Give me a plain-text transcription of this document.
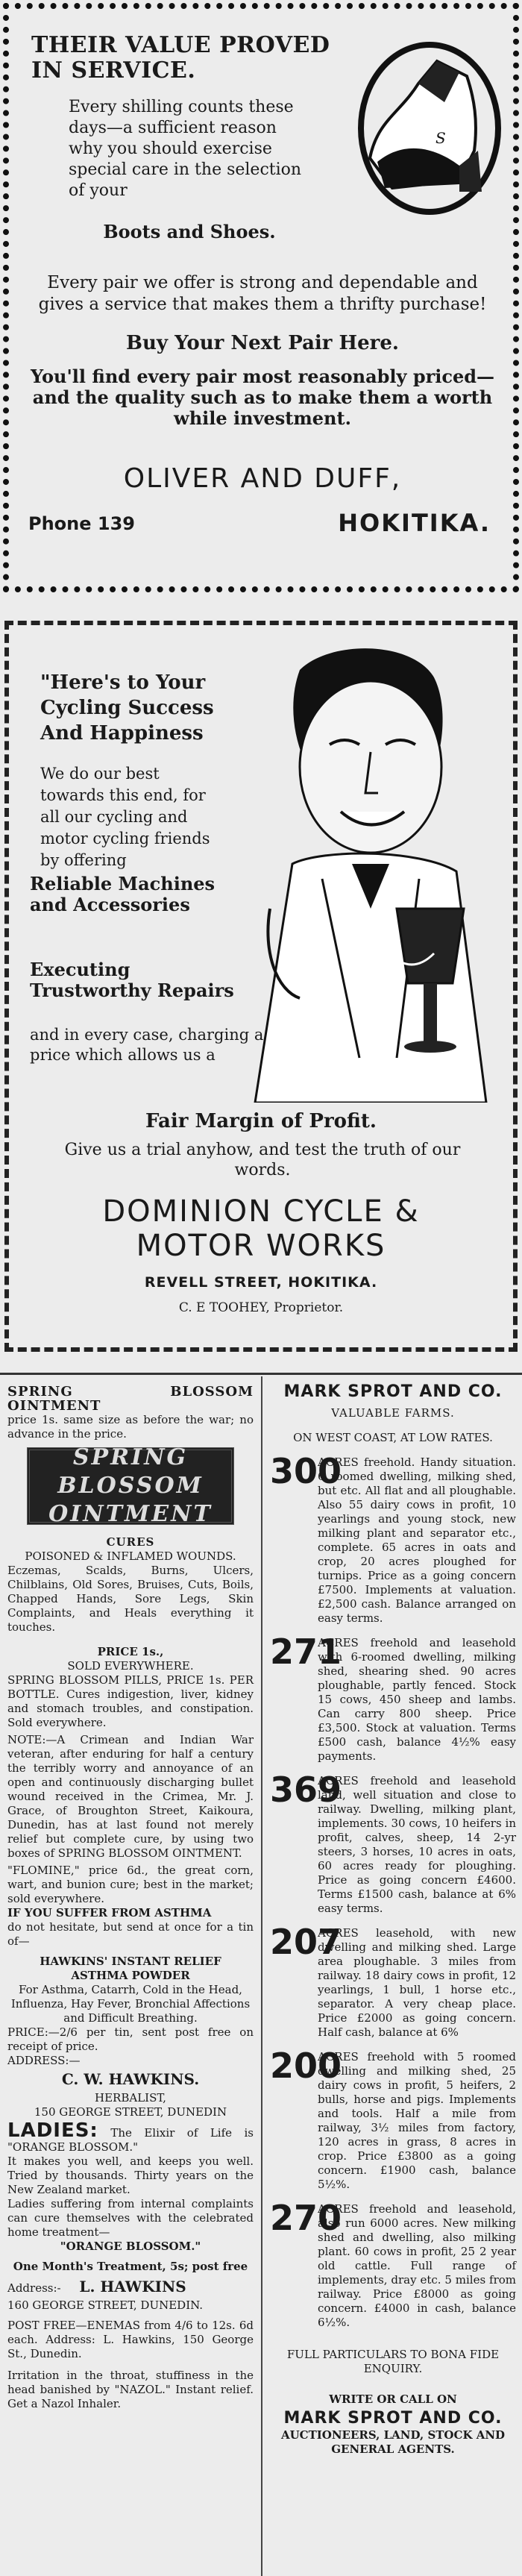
THEIR VALUE PROVED IN SERVICE.
Every shilling counts these days—a sufficient reason why you should exercise special care in the selection of your
Boots and Shoes.
Every pair we offer is strong and dependable and gives a service that makes them a thrifty purchase!
Buy Your Next Pair Here.
You'll find every pair most reasonably priced—and the quality such as to make them a worth while investment.
OLIVER AND DUFF,
Phone 139	HOKITIKA.
S
"Here's to Your Cycling Success And Happiness
We do our best towards this end, for all our cycling and motor cycling friends by offering
Reliable Machines and Accessories
Executing Trustworthy Repairs
and in every case, charging a price which allows us a
Fair Margin of Profit.
Give us a trial anyhow, and test the truth of our words.
DOMINION CYCLE & MOTOR WORKS
REVELL STREET, HOKITIKA.
C. E TOOHEY, Proprietor.

SPRING BLOSSOM OINTMENT

price 1s. same size as before the war; no advance in the price.

SPRING BLOSSOM OINTMENT

CURES

POISONED & INFLAMED WOUNDS.

Eczemas, Scalds, Burns, Ulcers, Chilblains, Old Sores, Bruises, Cuts, Boils, Chapped Hands, Sore Legs, Skin Complaints, and Heals everything it touches.

PRICE 1s.,

SOLD EVERYWHERE.

SPRING BLOSSOM PILLS, PRICE 1s. PER BOTTLE. Cures indigestion, liver, kidney and stomach troubles, and constipation. Sold everywhere.

NOTE:—A Crimean and Indian War veteran, after enduring for half a century the terribly worry and annoyance of an open and continuously discharging bullet wound received in the Crimea, Mr. J. Grace, of Broughton Street, Kaikoura, Dunedin, has at last found not merely relief but complete cure, by using two boxes of SPRING BLOSSOM OINTMENT.

"FLOMINE," price 6d., the great corn, wart, and bunion cure; best in the market; sold everywhere.

IF YOU SUFFER FROM ASTHMA

do not hesitate, but send at once for a tin of—

HAWKINS' INSTANT RELIEF

ASTHMA POWDER

For Asthma, Catarrh, Cold in the Head, Influenza, Hay Fever, Bronchial Affections and Difficult Breathing.

PRICE:—2/6 per tin, sent post free on receipt of price.

ADDRESS:—

C. W. HAWKINS.

HERBALIST,

150 GEORGE STREET, DUNEDIN

LADIES: The Elixir of Life is "ORANGE BLOSSOM."

It makes you well, and keeps you well. Tried by thousands. Thirty years on the New Zealand market.

Ladies suffering from internal complaints can cure themselves with the celebrated home treatment—

"ORANGE BLOSSOM."

One Month's Treatment, 5s; post free

Address:- L. HAWKINS

160 GEORGE STREET, DUNEDIN.

POST FREE—ENEMAS from 4/6 to 12s. 6d each. Address: L. Hawkins, 150 George St., Dunedin.

Irritation in the throat, stuffiness in the head banished by "NAZOL." Instant relief. Get a Nazol Inhaler.

MARK SPROT AND CO.

VALUABLE FARMS.

ON WEST COAST, AT LOW RATES.

300

ACRES freehold. Handy situation. 6 roomed dwelling, milking shed, but etc. All flat and all ploughable. Also 55 dairy cows in profit, 10 yearlings and young stock, new milking plant and separator etc., complete. 65 acres in oats and crop, 20 acres ploughed for turnips. Price as a going concern £7500. Implements at valuation. £2,500 cash. Balance arranged on easy terms.

271

ACRES freehold and leasehold with 6-roomed dwelling, milking shed, shearing shed. 90 acres ploughable, partly fenced. Stock 15 cows, 450 sheep and lambs. Can carry 800 sheep. Price £3,500. Stock at valuation. Terms £500 cash, balance 4½% easy payments.

369

ACRES freehold and leasehold land, well situation and close to railway. Dwelling, milking plant, implements. 30 cows, 10 heifers in profit, calves, sheep, 14 2-yr steers, 3 horses, 10 acres in oats, 60 acres ready for ploughing. Price as going concern £4600. Terms £1500 cash, balance at 6% easy terms.

207

ACRES leasehold, with new dwelling and milking shed. Large area ploughable. 3 miles from railway. 18 dairy cows in profit, 12 yearlings, 1 bull, 1 horse etc., separator. A very cheap place. Price £2000 as going concern. Half cash, balance at 6%

200

ACRES freehold with 5 roomed dwelling and milking shed, 25 dairy cows in profit, 5 heifers, 2 bulls, horse and pigs. Implements and tools. Half a mile from railway, 3½ miles from factory, 120 acres in grass, 8 acres in crop. Price £3800 as a going concern. £1900 cash, balance 5½%.

270

ACRES freehold and leasehold, also run 6000 acres. New milking shed and dwelling, also milking plant. 60 cows in profit, 25 2 year old cattle. Full range of implements, dray etc. 5 miles from railway. Price £8000 as going concern. £4000 in cash, balance 6½%.

FULL PARTICULARS TO BONA FIDE ENQUIRY.

WRITE OR CALL ON

MARK SPROT AND CO.

AUCTIONEERS, LAND, STOCK AND GENERAL AGENTS.
